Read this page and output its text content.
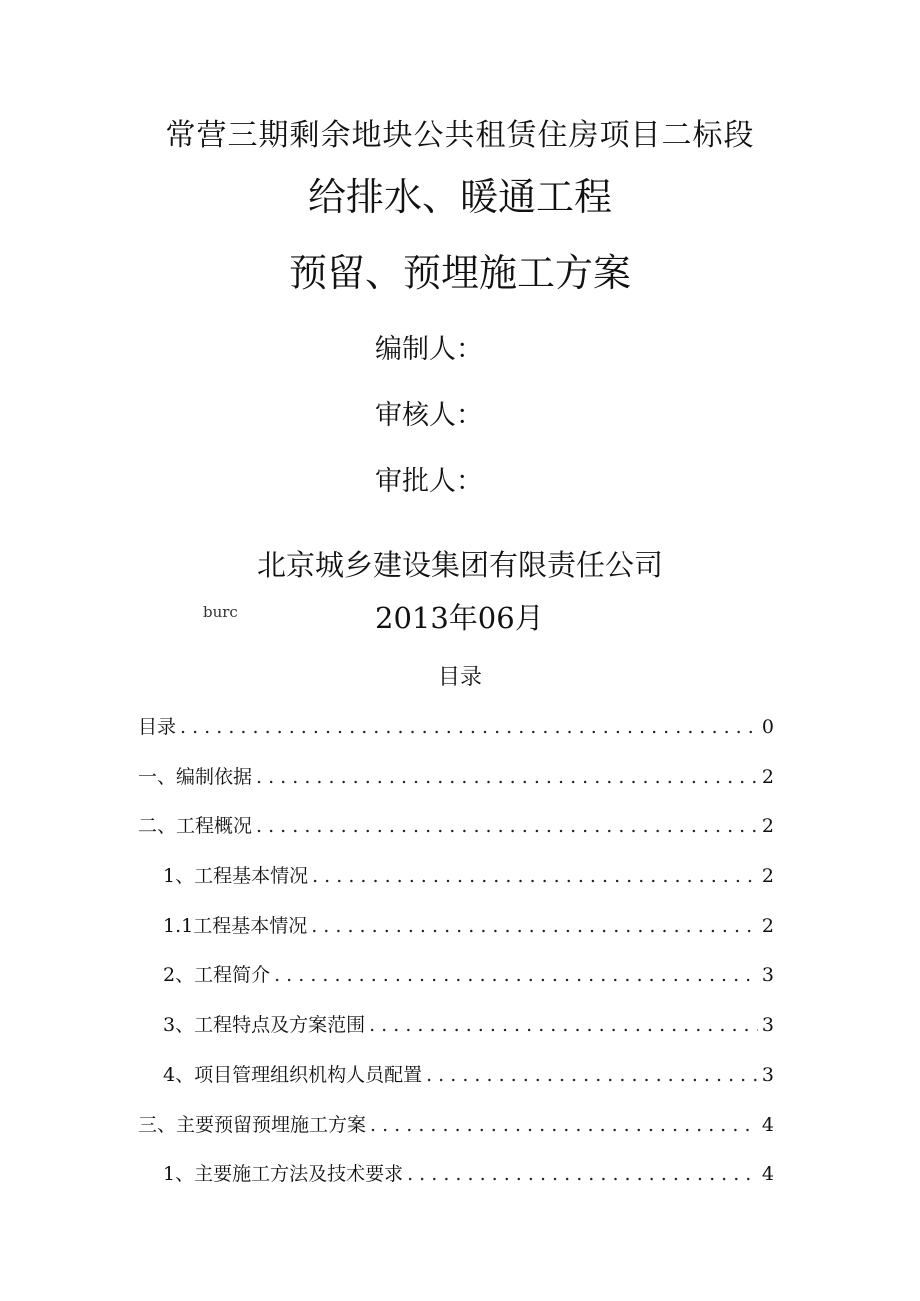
常营三期剩余地块公共租赁住房项目二标段
给排水、暖通工程
预留、预埋施工方案
编制人：
审核人：
审批人：
北京城乡建设集团有限责任公司
burc	2013年06月
目录
目录 . . .	0
一、编制依据 . . .	2
二、工程概况 . . .	2
1、工程基本情况 . . .	2
1.1工程基本情况 . . .	2
2、工程简介 . . .	3
3、工程特点及方案范围 . . .	3
4、项目管理组织机构人员配置 . . .	3
三、主要预留预埋施工方案 . . .	4
1、主要施工方法及技术要求 . . .	4
